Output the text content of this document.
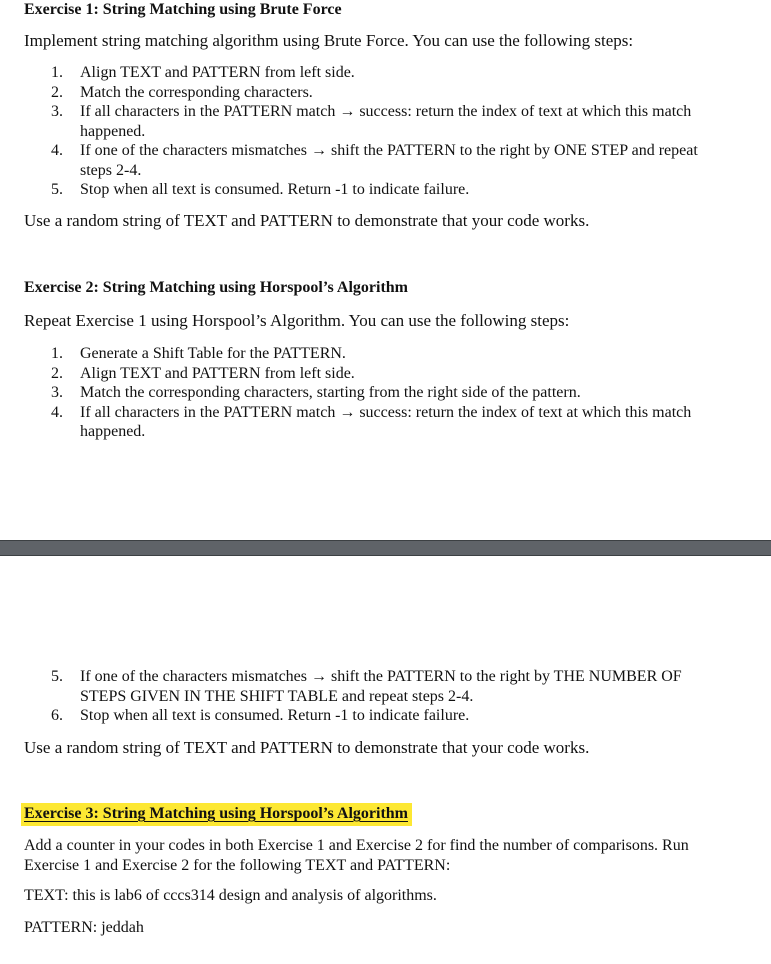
Exercise 1: String Matching using Brute Force
Implement string matching algorithm using Brute Force. You can use the following steps:
1.	Align TEXT and PATTERN from left side.
2.	Match the corresponding characters.
3.	If all characters in the PATTERN match → success: return the index of text at which this match happened.
4.	If one of the characters mismatches → shift the PATTERN to the right by ONE STEP and repeat steps 2-4.
5.	Stop when all text is consumed. Return -1 to indicate failure.
Use a random string of TEXT and PATTERN to demonstrate that your code works.
Exercise 2: String Matching using Horspool’s Algorithm
Repeat Exercise 1 using Horspool’s Algorithm. You can use the following steps:
1.	Generate a Shift Table for the PATTERN.
2.	Align TEXT and PATTERN from left side.
3.	Match the corresponding characters, starting from the right side of the pattern.
4.	If all characters in the PATTERN match → success: return the index of text at which this match happened.
5.	If one of the characters mismatches → shift the PATTERN to the right by THE NUMBER OF STEPS GIVEN IN THE SHIFT TABLE and repeat steps 2-4.
6.	Stop when all text is consumed. Return -1 to indicate failure.
Use a random string of TEXT and PATTERN to demonstrate that your code works.
Exercise 3: String Matching using Horspool’s Algorithm
Add a counter in your codes in both Exercise 1 and Exercise 2 for find the number of comparisons. Run Exercise 1 and Exercise 2 for the following TEXT and PATTERN:
TEXT: this is lab6 of cccs314 design and analysis of algorithms.
PATTERN: jeddah
